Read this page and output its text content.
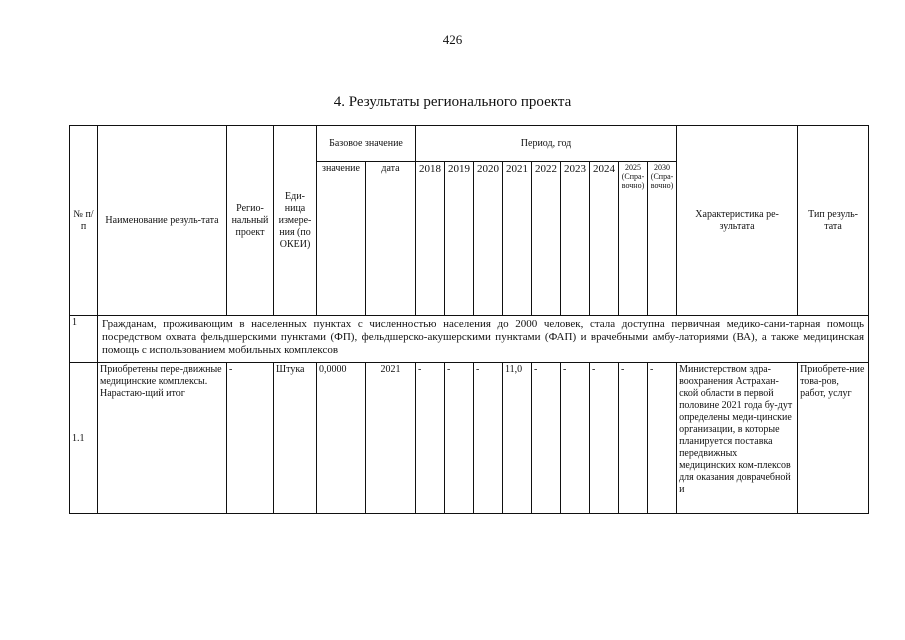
426
4. Результаты регионального проекта
№ п/п	Наименование резуль-тата	Регио-нальный проект	Еди-ница измере-ния (по ОКЕИ)	Базовое значение		Период, год									Характеристика ре-зультата	Тип резуль-тата
				значение	дата	2018	2019	2020	2021	2022	2023	2024	2025 (Спра-вочно)	2030 (Спра-вочно)		
1	Гражданам, проживающим в населенных пунктах с численностью населения до 2000 человек, стала доступна первичная медико-сани-тарная помощь посредством охвата фельдшерскими пунктами (ФП), фельдшерско-акушерскими пунктами (ФАП) и врачебными амбу-латориями (ВА), а также медицинская помощь с использованием мобильных комплексов															
1.1	Приобретены пере-движные медицинские комплексы. Нарастаю-щий итог	-	Штука	0,0000	2021	-	-	-	11,0	-	-	-	-	-	Министерством здра-воохранения Астрахан-ской области в первой половине 2021 года бу-дут определены меди-цинские организации, в которые планируется поставка передвижных медицинских ком-плексов для оказания доврачебной и	Приобрете-ние това-ров, работ, услуг
